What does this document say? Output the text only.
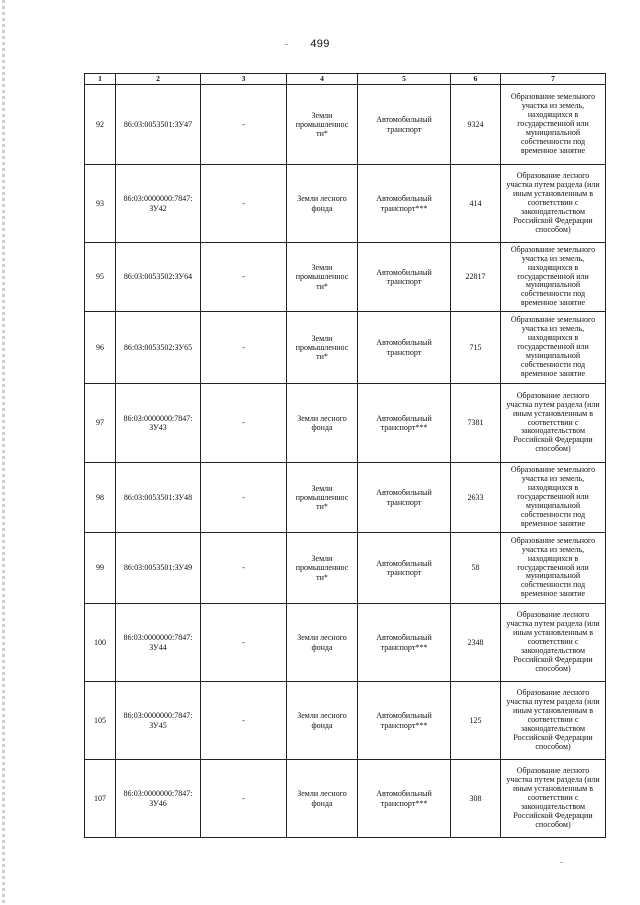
499
1	2	3	4	5	6	7
92	86:03:0053501:ЗУ47	-	Земли промышленнос ти*	Автомобильный транспорт	9324	Образование земельного участка из земель, находящихся в государственной или муниципальной собственности под временное занятие
93	86:03:0000000:7847: ЗУ42	-	Земли лесного фонда	Автомобильный транспорт***	414	Образование лесного участка путем раздела (или иным установленным в соответствии с законодательством Российской Федерации способом)
95	86:03:0053502:ЗУ64	-	Земли промышленнос ти*	Автомобильный транспорт	22817	Образование земельного участка из земель, находящихся в государственной или муниципальной собственности под временное занятие
96	86:03:0053502:ЗУ65	-	Земли промышленнос ти*	Автомобильный транспорт	715	Образование земельного участка из земель, находящихся в государственной или муниципальной собственности под временное занятие
97	86:03:0000000:7847: ЗУ43	-	Земли лесного фонда	Автомобильный транспорт***	7381	Образование лесного участка путем раздела (или иным установленным в соответствии с законодательством Российской Федерации способом)
98	86:03:0053501:ЗУ48	-	Земли промышленнос ти*	Автомобильный транспорт	2633	Образование земельного участка из земель, находящихся в государственной или муниципальной собственности под временное занятие
99	86:03:0053501:ЗУ49	-	Земли промышленнос ти*	Автомобильный транспорт	58	Образование земельного участка из земель, находящихся в государственной или муниципальной собственности под временное занятие
100	86:03:0000000:7847: ЗУ44	-	Земли лесного фонда	Автомобильный транспорт***	2348	Образование лесного участка путем раздела (или иным установленным в соответствии с законодательством Российской Федерации способом)
105	86:03:0000000:7847: ЗУ45	-	Земли лесного фонда	Автомобильный транспорт***	125	Образование лесного участка путем раздела (или иным установленным в соответствии с законодательством Российской Федерации способом)
107	86:03:0000000:7847: ЗУ46	-	Земли лесного фонда	Автомобильный транспорт***	308	Образование лесного участка путем раздела (или иным установленным в соответствии с законодательством Российской Федерации способом)
